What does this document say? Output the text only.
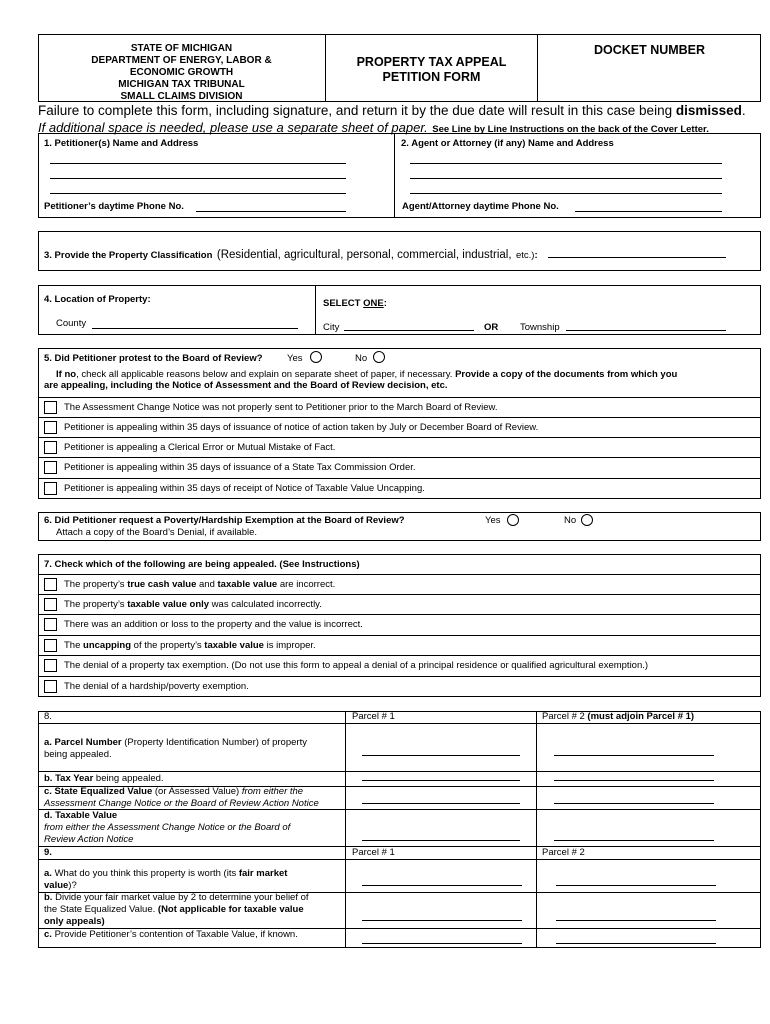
STATE OF MICHIGAN
DEPARTMENT OF ENERGY, LABOR &
ECONOMIC GROWTH
MICHIGAN TAX TRIBUNAL
SMALL CLAIMS DIVISION
PROPERTY TAX APPEAL
PETITION FORM
DOCKET NUMBER
Failure to complete this form, including signature, and return it by the due date will result in this case being dismissed.
If additional space is needed, please use a separate sheet of paper. See Line by Line Instructions on the back of the Cover Letter.
1. Petitioner(s) Name and Address
Petitioner’s daytime Phone No.
2. Agent or Attorney (if any) Name and Address
Agent/Attorney daytime Phone No.
3. Provide the Property Classification (Residential, agricultural, personal, commercial, industrial, etc.):
4. Location of Property:	SELECT ONE:
County	City	OR Township
5. Did Petitioner protest to the Board of Review?	Yes	No
If no, check all applicable reasons below and explain on separate sheet of paper, if necessary. Provide a copy of the documents from which you
are appealing, including the Notice of Assessment and the Board of Review decision, etc.
The Assessment Change Notice was not properly sent to Petitioner prior to the March Board of Review.
Petitioner is appealing within 35 days of issuance of notice of action taken by July or December Board of Review.
Petitioner is appealing a Clerical Error or Mutual Mistake of Fact.
Petitioner is appealing within 35 days of issuance of a State Tax Commission Order.
Petitioner is appealing within 35 days of receipt of Notice of Taxable Value Uncapping.
6. Did Petitioner request a Poverty/Hardship Exemption at the Board of Review?
Attach a copy of the Board’s Denial, if available.
Yes	No
7. Check which of the following are being appealed. (See Instructions)
The property’s true cash value and taxable value are incorrect.
The property’s taxable value only was calculated incorrectly.
There was an addition or loss to the property and the value is incorrect.
The uncapping of the property’s taxable value is improper.
The denial of a property tax exemption. (Do not use this form to appeal a denial of a principal residence or qualified agricultural exemption.)
The denial of a hardship/poverty exemption.
8.	Parcel # 1	Parcel # 2 (must adjoin Parcel # 1)
a. Parcel Number (Property Identification Number) of property
being appealed.
b. Tax Year being appealed.
c. State Equalized Value (or Assessed Value) from either the
Assessment Change Notice or the Board of Review Action Notice
d. Taxable Value
from either the Assessment Change Notice or the Board of
Review Action Notice
9.	Parcel # 1	Parcel # 2
a. What do you think this property is worth (its fair market
value)?
b. Divide your fair market value by 2 to determine your belief of
the State Equalized Value. (Not applicable for taxable value
only appeals)
c. Provide Petitioner’s contention of Taxable Value, if known.
